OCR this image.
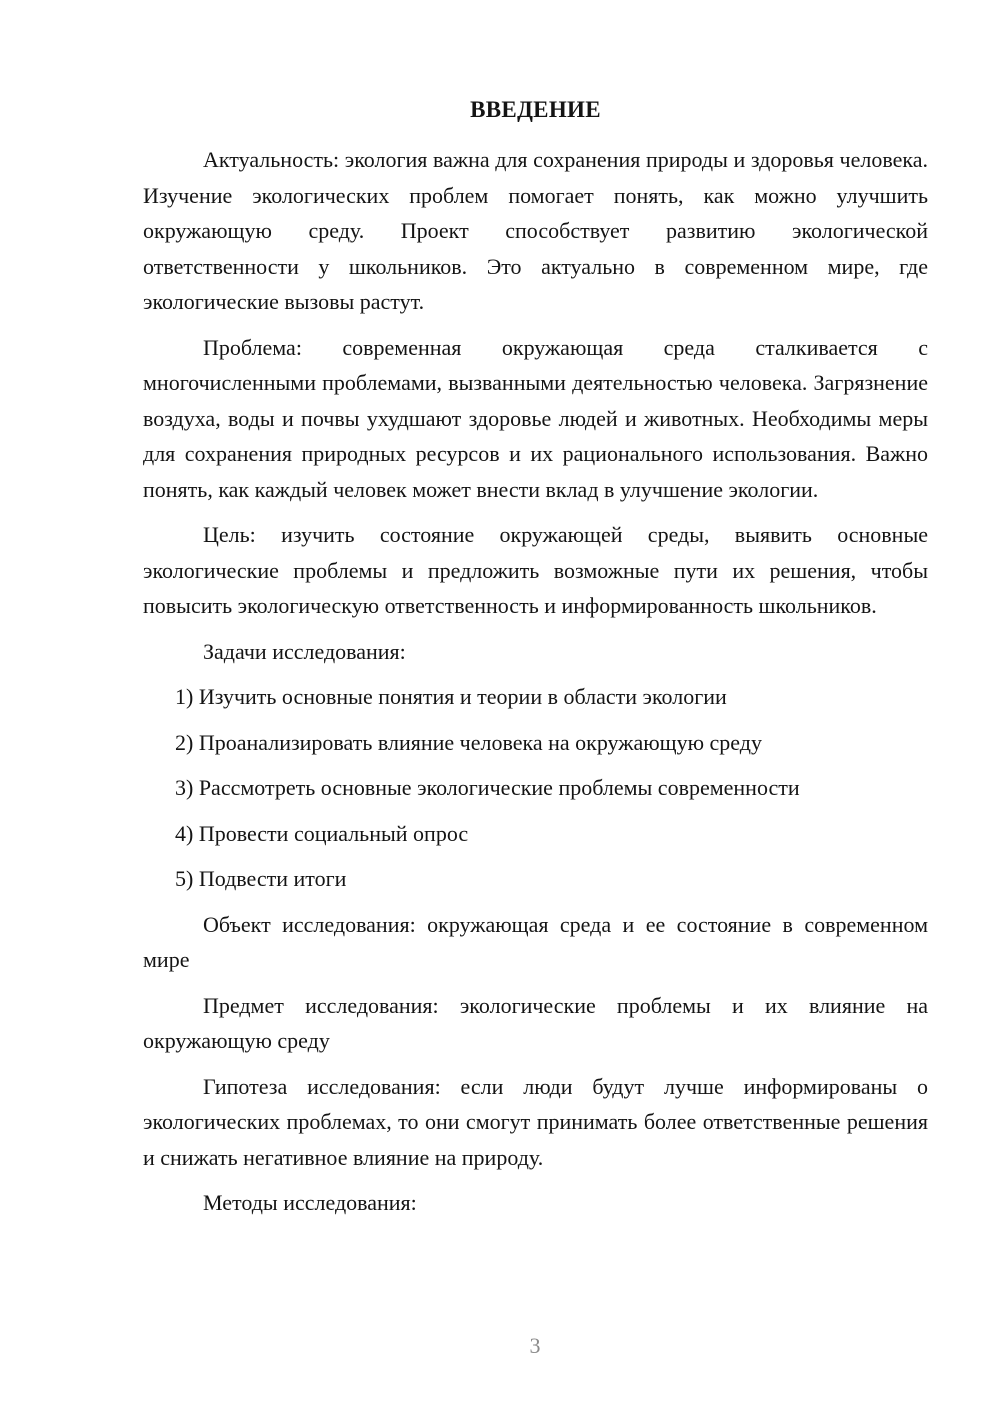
ВВЕДЕНИЕ

Актуальность: экология важна для сохранения природы и здоровья человека. Изучение экологических проблем помогает понять, как можно улучшить окружающую среду. Проект способствует развитию экологической ответственности у школьников. Это актуально в современном мире, где экологические вызовы растут.

Проблема: современная окружающая среда сталкивается с многочисленными проблемами, вызванными деятельностью человека. Загрязнение воздуха, воды и почвы ухудшают здоровье людей и животных. Необходимы меры для сохранения природных ресурсов и их рационального использования. Важно понять, как каждый человек может внести вклад в улучшение экологии.

Цель: изучить состояние окружающей среды, выявить основные экологические проблемы и предложить возможные пути их решения, чтобы повысить экологическую ответственность и информированность школьников.

Задачи исследования:
1) Изучить основные понятия и теории в области экологии
2) Проанализировать влияние человека на окружающую среду
3) Рассмотреть основные экологические проблемы современности
4) Провести социальный опрос
5) Подвести итоги

Объект исследования: окружающая среда и ее состояние в современном мире

Предмет исследования: экологические проблемы и их влияние на окружающую среду

Гипотеза исследования: если люди будут лучше информированы о экологических проблемах, то они смогут принимать более ответственные решения и снижать негативное влияние на природу.

Методы исследования:
3
